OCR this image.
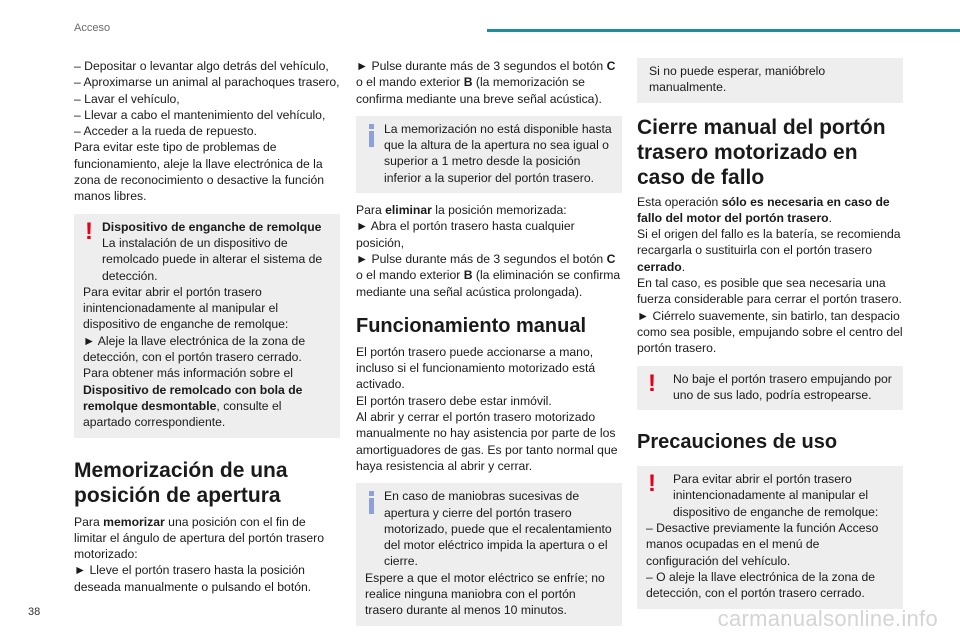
Acceso

– Depositar o levantar algo detrás del vehículo,

– Aproximarse un animal al parachoques trasero,

– Lavar el vehículo,

– Llevar a cabo el mantenimiento del vehículo,

– Acceder a la rueda de repuesto.

Para evitar este tipo de problemas de funcionamiento, aleje la llave electrónica de la zona de reconocimiento o desactive la función manos libres.

! Dispositivo de enganche de remolque

La instalación de un dispositivo de remolcado puede in alterar el sistema de detección.

Para evitar abrir el portón trasero inintencionadamente al manipular el dispositivo de enganche de remolque:

► Aleje la llave electrónica de la zona de detección, con el portón trasero cerrado.

Para obtener más información sobre el Dispositivo de remolcado con bola de remolque desmontable, consulte el apartado correspondiente.

Memorización de una posición de apertura

Para memorizar una posición con el fin de limitar el ángulo de apertura del portón trasero motorizado:

► Lleve el portón trasero hasta la posición deseada manualmente o pulsando el botón.

► Pulse durante más de 3 segundos el botón C o el mando exterior B (la memorización se confirma mediante una breve señal acústica).

La memorización no está disponible hasta que la altura de la apertura no sea igual o superior a 1 metro desde la posición inferior a la superior del portón trasero.

Para eliminar la posición memorizada:

► Abra el portón trasero hasta cualquier posición,

► Pulse durante más de 3 segundos el botón C o el mando exterior B (la eliminación se confirma mediante una señal acústica prolongada).

Funcionamiento manual

El portón trasero puede accionarse a mano, incluso si el funcionamiento motorizado está activado.

El portón trasero debe estar inmóvil.

Al abrir y cerrar el portón trasero motorizado manualmente no hay asistencia por parte de los amortiguadores de gas. Es por tanto normal que haya resistencia al abrir y cerrar.

En caso de maniobras sucesivas de apertura y cierre del portón trasero motorizado, puede que el recalentamiento del motor eléctrico impida la apertura o el cierre.

Espere a que el motor eléctrico se enfríe; no realice ninguna maniobra con el portón trasero durante al menos 10 minutos.

Si no puede esperar, manióbrelo manualmente.

Cierre manual del portón trasero motorizado en caso de fallo

Esta operación sólo es necesaria en caso de fallo del motor del portón trasero.

Si el origen del fallo es la batería, se recomienda recargarla o sustituirla con el portón trasero cerrado.

En tal caso, es posible que sea necesaria una fuerza considerable para cerrar el portón trasero.

► Ciérrelo suavemente, sin batirlo, tan despacio como sea posible, empujando sobre el centro del portón trasero.

!	No baje el portón trasero empujando por uno de sus lado, podría estropearse.

Precauciones de uso
!	Para evitar abrir el portón trasero inintencionadamente al manipular el dispositivo de enganche de remolque:

– Desactive previamente la función Acceso manos ocupadas en el menú de configuración del vehículo.

– O aleje la llave electrónica de la zona de detección, con el portón trasero cerrado.

38	carmanualsonline.info
